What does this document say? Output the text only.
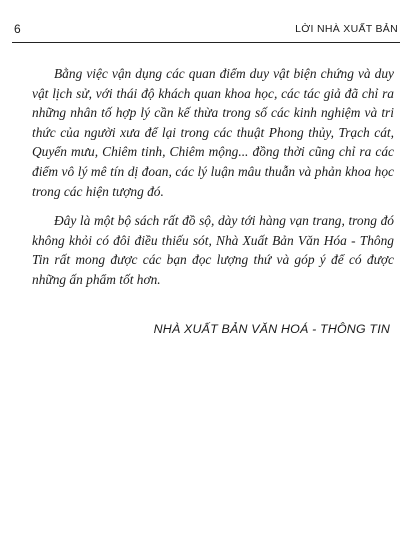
6	LỜI NHÀ XUẤT BẢN

Bằng việc vận dụng các quan điểm duy vật biện chứng và duy vật lịch sử, với thái độ khách quan khoa học, các tác giả đã chỉ ra những nhân tố hợp lý cần kế thừa trong số các kinh nghiệm và tri thức của người xưa để lại trong các thuật Phong thủy, Trạch cát, Quyển mưu, Chiêm tinh, Chiêm mộng... đồng thời cũng chỉ ra các điểm vô lý mê tín dị đoan, các lý luận mâu thuẫn và phản khoa học trong các hiện tượng đó.

Đây là một bộ sách rất đồ sộ, dày tới hàng vạn trang, trong đó không khỏi có đôi điều thiếu sót, Nhà Xuất Bản Văn Hóa - Thông Tin rất mong được các bạn đọc lượng thứ và góp ý để có được những ấn phẩm tốt hơn.

NHÀ XUẤT BẢN VĂN HOÁ - THÔNG TIN
